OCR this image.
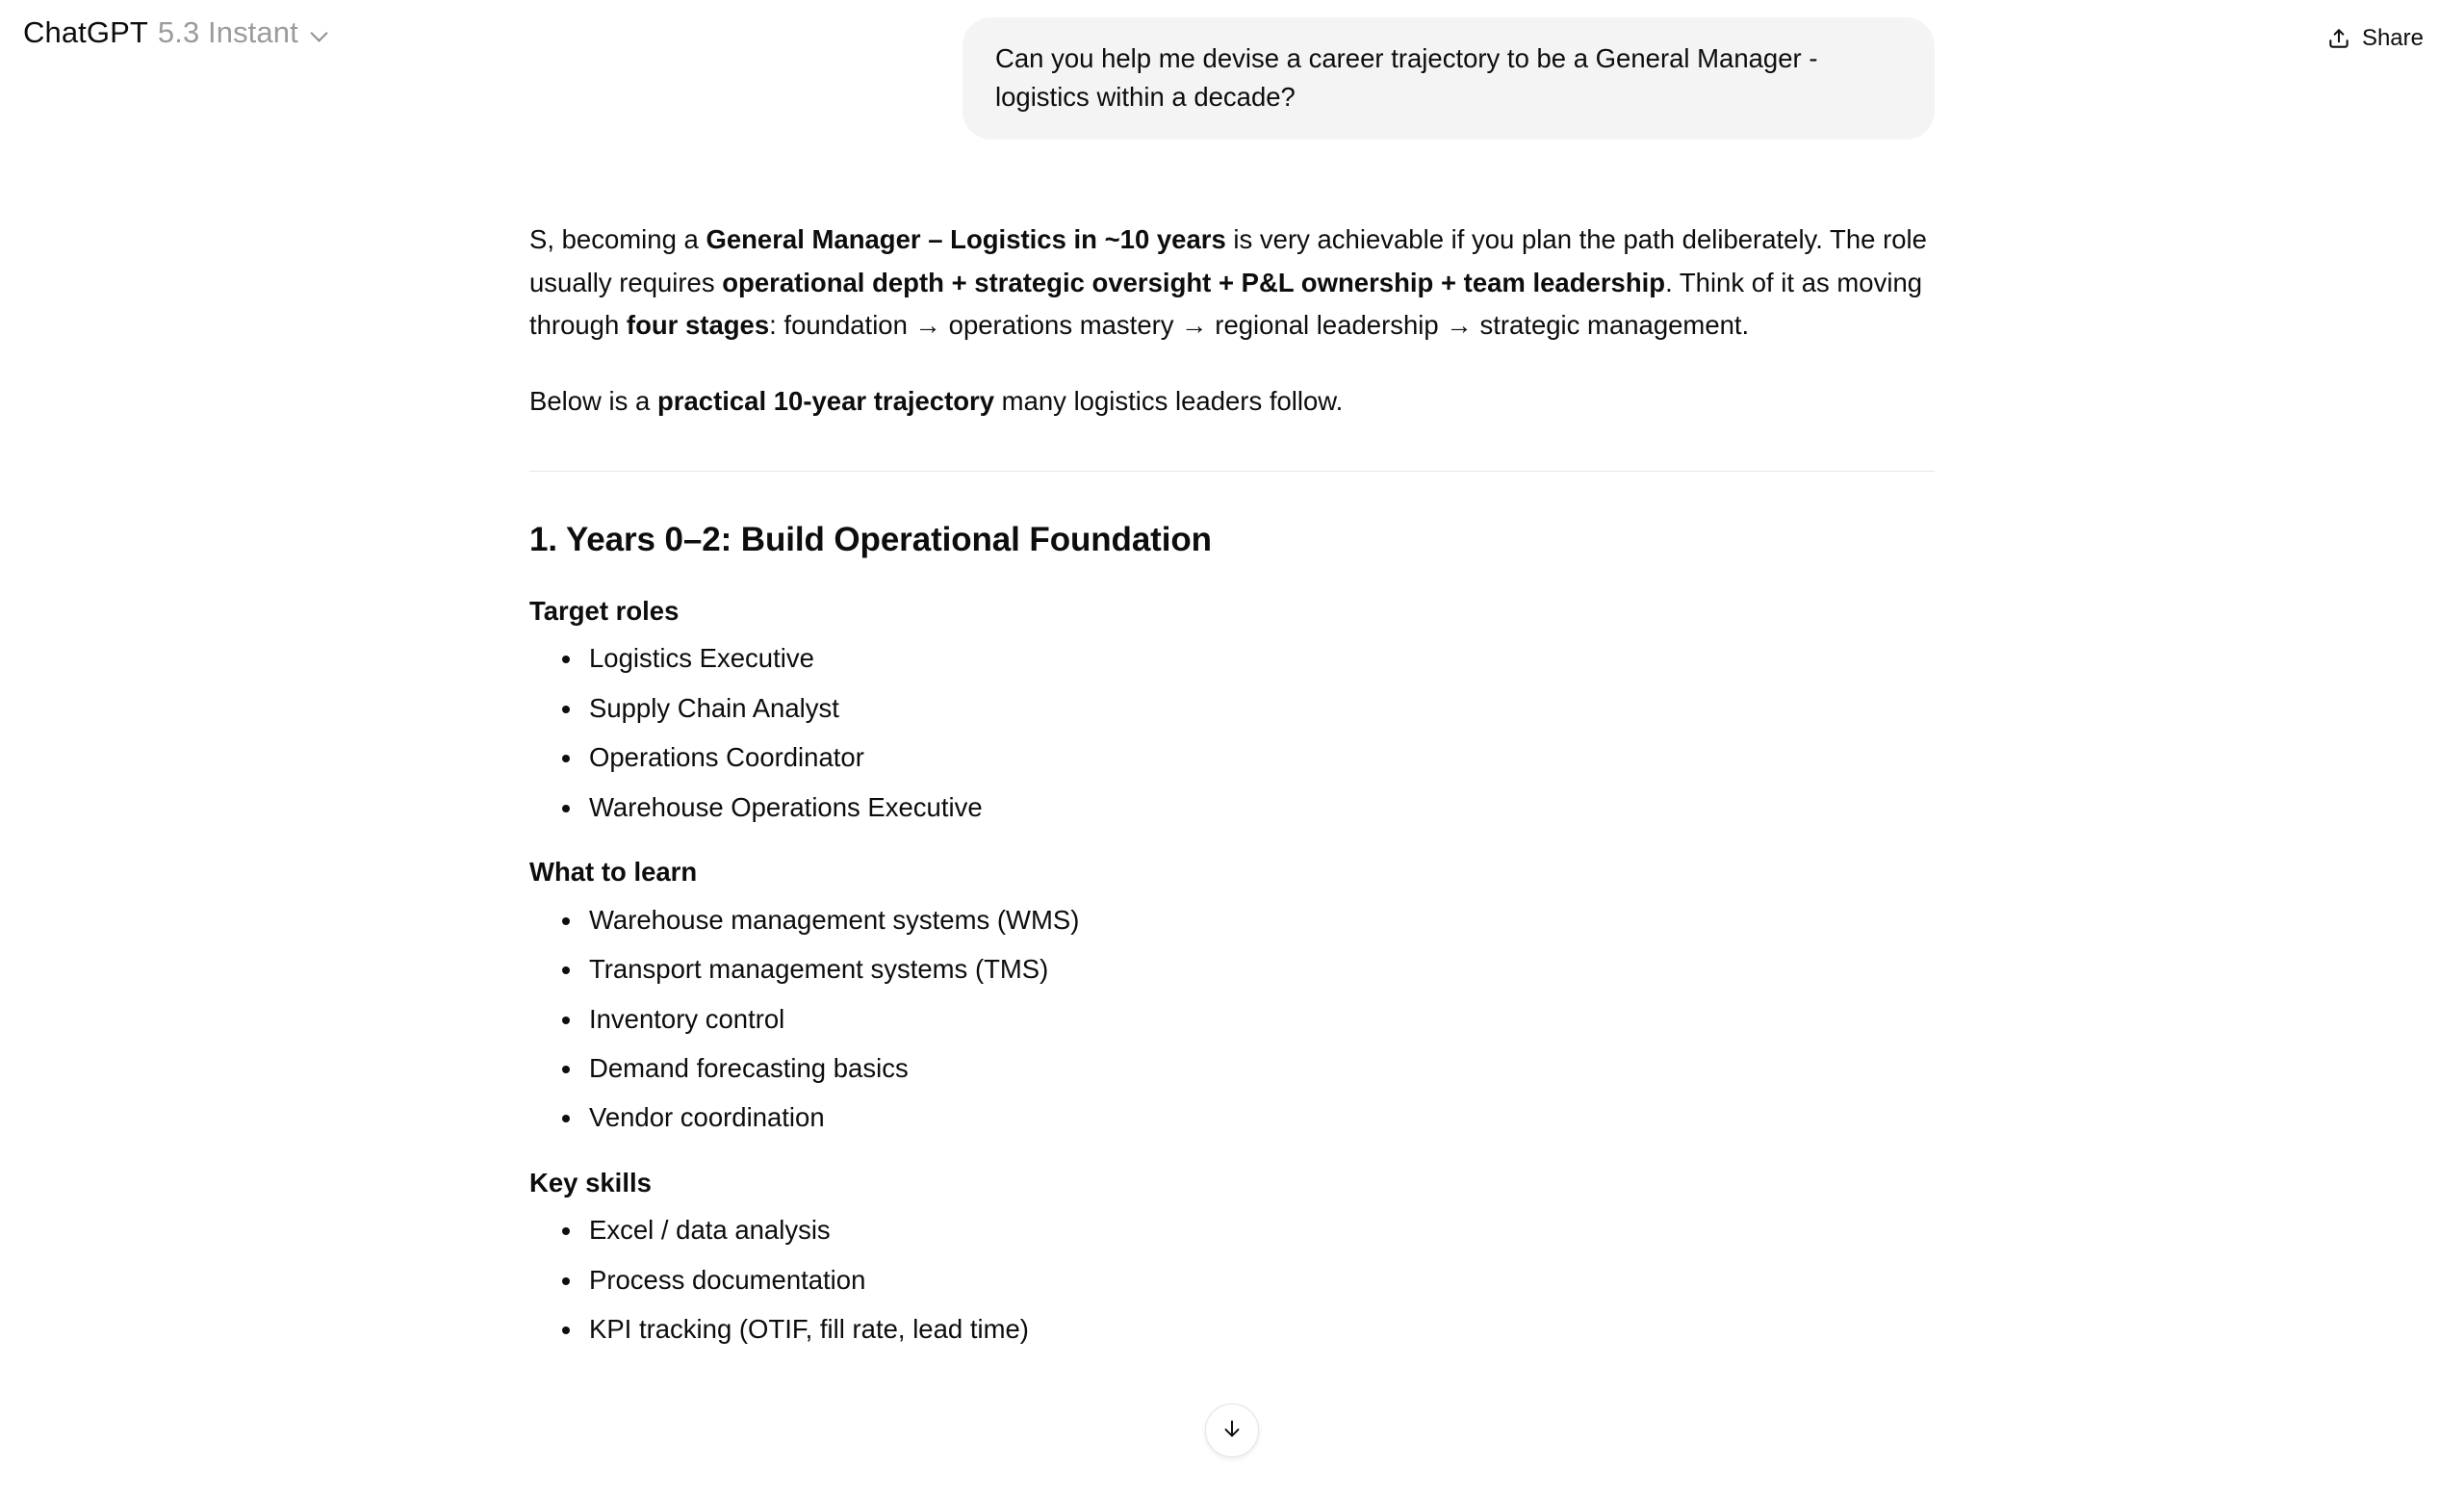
ChatGPT 5.3 Instant	Share
Can you help me devise a career trajectory to be a General Manager - logistics within a decade?

S, becoming a General Manager – Logistics in ~10 years is very achievable if you plan the path deliberately. The role usually requires operational depth + strategic oversight + P&L ownership + team leadership. Think of it as moving through four stages: foundation → operations mastery → regional leadership → strategic management.

Below is a practical 10-year trajectory many logistics leaders follow.

1. Years 0–2: Build Operational Foundation
Target roles
Logistics Executive
Supply Chain Analyst
Operations Coordinator
Warehouse Operations Executive
What to learn
Warehouse management systems (WMS)
Transport management systems (TMS)
Inventory control
Demand forecasting basics
Vendor coordination
Key skills
Excel / data analysis
Process documentation
KPI tracking (OTIF, fill rate, lead time)
